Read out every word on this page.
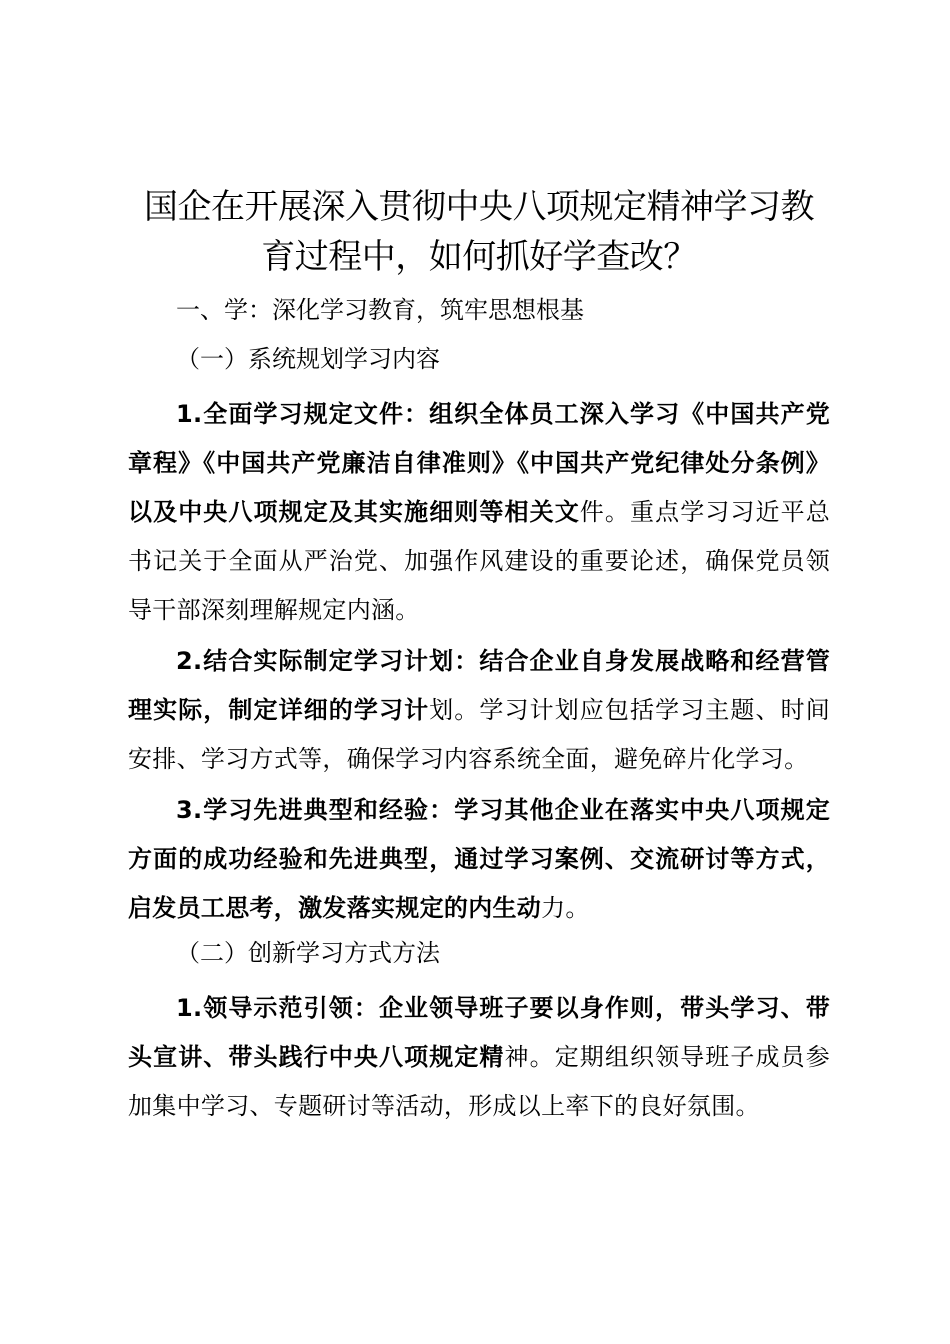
国企在开展深入贯彻中央八项规定精神学习教
育过程中，如何抓好学查改？

一、学：深化学习教育，筑牢思想根基

（一）系统规划学习内容

1.全面学习规定文件：组织全体员工深入学习《中国共产党章程》《中国共产党廉洁自律准则》《中国共产党纪律处分条例》以及中央八项规定及其实施细则等相关文件。重点学习习近平总书记关于全面从严治党、加强作风建设的重要论述，确保党员领导干部深刻理解规定内涵。

2.结合实际制定学习计划：结合企业自身发展战略和经营管理实际，制定详细的学习计划。学习计划应包括学习主题、时间安排、学习方式等，确保学习内容系统全面，避免碎片化学习。

3.学习先进典型和经验：学习其他企业在落实中央八项规定方面的成功经验和先进典型，通过学习案例、交流研讨等方式，启发员工思考，激发落实规定的内生动力。

（二）创新学习方式方法

1.领导示范引领：企业领导班子要以身作则，带头学习、带头宣讲、带头践行中央八项规定精神。定期组织领导班子成员参加集中学习、专题研讨等活动，形成以上率下的良好氛围。
